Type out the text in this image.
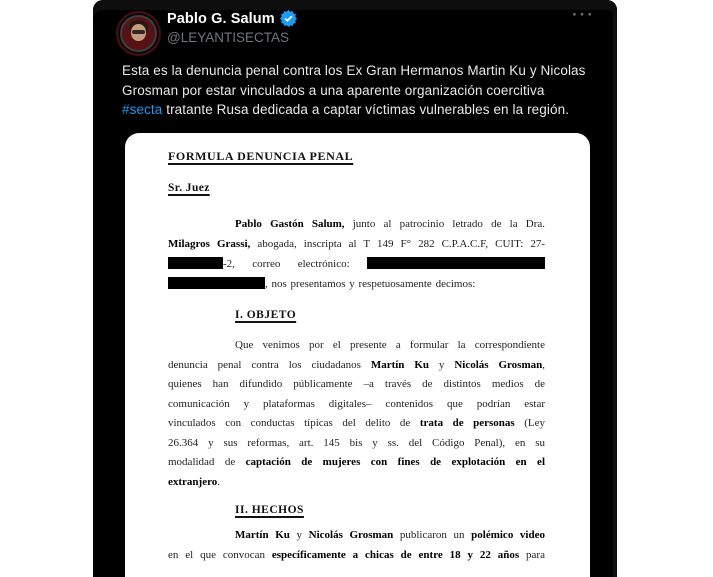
Pablo G. Salum
@LEYANTISECTAS
···
Esta es la denuncia penal contra los Ex Gran Hermanos Martin Ku y Nicolas
Grosman por estar vinculados a una aparente organización coercitiva
#secta tratante Rusa dedicada a captar víctimas vulnerables en la región.
FORMULA DENUNCIA PENAL
Sr. Juez
Pablo Gastón Salum, junto al patrocinio letrado de la Dra.
Milagros Grassi, abogada, inscripta al T 149 F° 282 C.P.A.C.F, CUIT: 27-
-2, correo electrónico:
, nos presentamos y respetuosamente decimos:
I. OBJETO
Que venimos por el presente a formular la correspondiente
denuncia penal contra los ciudadanos Martín Ku y Nicolás Grosman,
quienes han difundido públicamente –a través de distintos medios de
comunicación y plataformas digitales– contenidos que podrían estar
vinculados con conductas típicas del delito de trata de personas (Ley
26.364 y sus reformas, art. 145 bis y ss. del Código Penal), en su
modalidad de captación de mujeres con fines de explotación en el
extranjero.
II. HECHOS
Martín Ku y Nicolás Grosman publicaron un polémico video
en el que convocan específicamente a chicas de entre 18 y 22 años para
